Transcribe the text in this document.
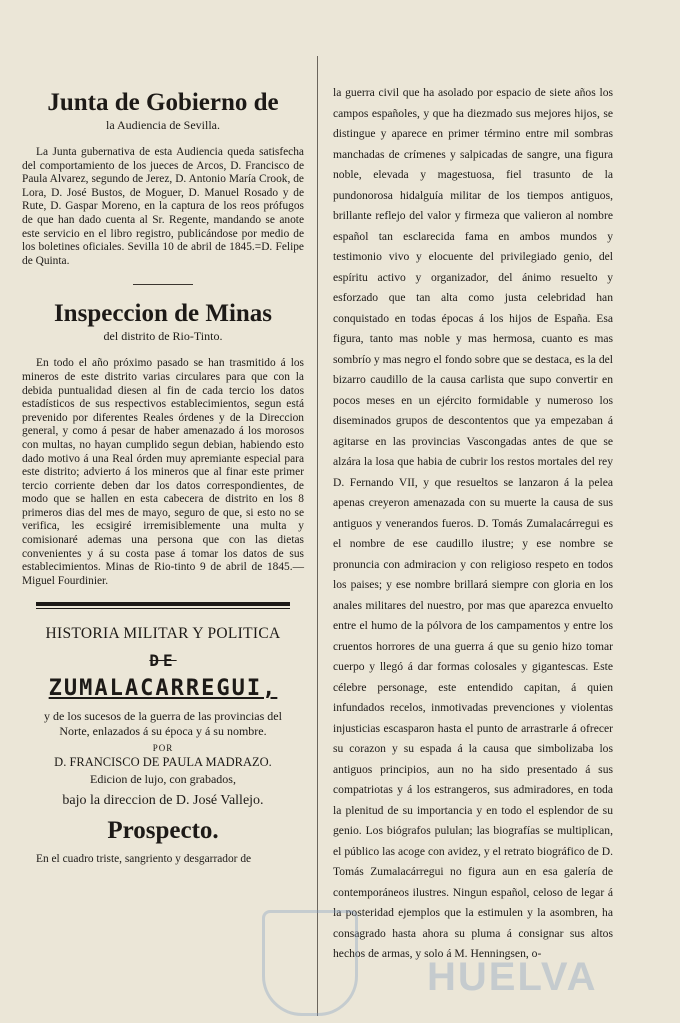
Junta de Gobierno de

la Audiencia de Sevilla.

La Junta gubernativa de esta Audiencia queda satisfecha del comportamiento de los jueces de Arcos, D. Francisco de Paula Alvarez, segundo de Jerez, D. Antonio María Crook, de Lora, D. José Bustos, de Moguer, D. Manuel Rosado y de Rute, D. Gaspar Moreno, en la captura de los reos prófugos de que han dado cuenta al Sr. Regente, mandando se anote este servicio en el libro registro, publicándose por medio de los boletines oficiales. Sevilla 10 de abril de 1845.=D. Felipe de Quinta.

Inspeccion de Minas

del distrito de Rio-Tinto.

En todo el año próximo pasado se han trasmitido á los mineros de este distrito varias circulares para que con la debida puntualidad diesen al fin de cada tercio los datos estadísticos de sus respectivos establecimientos, segun está prevenido por diferentes Reales órdenes y de la Direccion general, y como á pesar de haber amenazado á los morosos con multas, no hayan cumplido segun debian, habiendo esto dado motivo á una Real órden muy apremiante especial para este distrito; advierto á los mineros que al finar este primer tercio corriente deben dar los datos correspondientes, de modo que se hallen en esta cabecera de distrito en los 8 primeros dias del mes de mayo, seguro de que, si esto no se verifica, les ecsigiré irremisiblemente una multa y comisionaré ademas una persona que con las dietas convenientes y á su costa pase á tomar los datos de sus establecimientos. Minas de Rio-tinto 9 de abril de 1845.—Miguel Fourdinier.

HISTORIA MILITAR Y POLITICA

DE

ZUMALACARREGUI,

y de los sucesos de la guerra de las provincias del

Norte, enlazados á su época y á su nombre.

POR

D. FRANCISCO DE PAULA MADRAZO.

Edicion de lujo, con grabados,

bajo la direccion de D. José Vallejo.

Prospecto.

En el cuadro triste, sangriento y desgarrador de

la guerra civil que ha asolado por espacio de siete años los campos españoles, y que ha diezmado sus mejores hijos, se distingue y aparece en primer término entre mil sombras manchadas de crímenes y salpicadas de sangre, una figura noble, elevada y magestuosa, fiel trasunto de la pundonorosa hidalguía militar de los tiempos antiguos, brillante reflejo del valor y firmeza que valieron al nombre español tan esclarecida fama en ambos mundos y testimonio vivo y elocuente del privilegiado genio, del espíritu activo y organizador, del ánimo resuelto y esforzado que tan alta como justa celebridad han conquistado en todas épocas á los hijos de España. Esa figura, tanto mas noble y mas hermosa, cuanto es mas sombrío y mas negro el fondo sobre que se destaca, es la del bizarro caudillo de la causa carlista que supo convertir en pocos meses en un ejército formidable y numeroso los diseminados grupos de descontentos que ya empezaban á agitarse en las provincias Vascongadas antes de que se alzára la losa que habia de cubrir los restos mortales del rey D. Fernando VII, y que resueltos se lanzaron á la pelea apenas creyeron amenazada con su muerte la causa de sus antiguos y venerandos fueros. D. Tomás Zumalacárregui es el nombre de ese caudillo ilustre; y ese nombre se pronuncia con admiracion y con religioso respeto en todos los paises; y ese nombre brillará siempre con gloria en los anales militares del nuestro, por mas que aparezca envuelto entre el humo de la pólvora de los campamentos y entre los cruentos horrores de una guerra á que su genio hizo tomar cuerpo y llegó á dar formas colosales y gigantescas. Este célebre personage, este entendido capitan, á quien infundados recelos, inmotivadas prevenciones y violentas injusticias escasparon hasta el punto de arrastrarle á ofrecer su corazon y su espada á la causa que simbolizaba los antiguos principios, aun no ha sido presentado á sus compatriotas y á los estrangeros, sus admiradores, en toda la plenitud de su importancia y en todo el esplendor de su genio. Los biógrafos pululan; las biografías se multiplican, el público las acoge con avidez, y el retrato biográfico de D. Tomás Zumalacárregui no figura aun en esa galería de contemporáneos ilustres. Ningun español, celoso de legar á la posteridad ejemplos que la estimulen y la asombren, ha consagrado hasta ahora su pluma á consignar sus altos hechos de armas, y solo á M. Henningsen, o-

HUELVA
